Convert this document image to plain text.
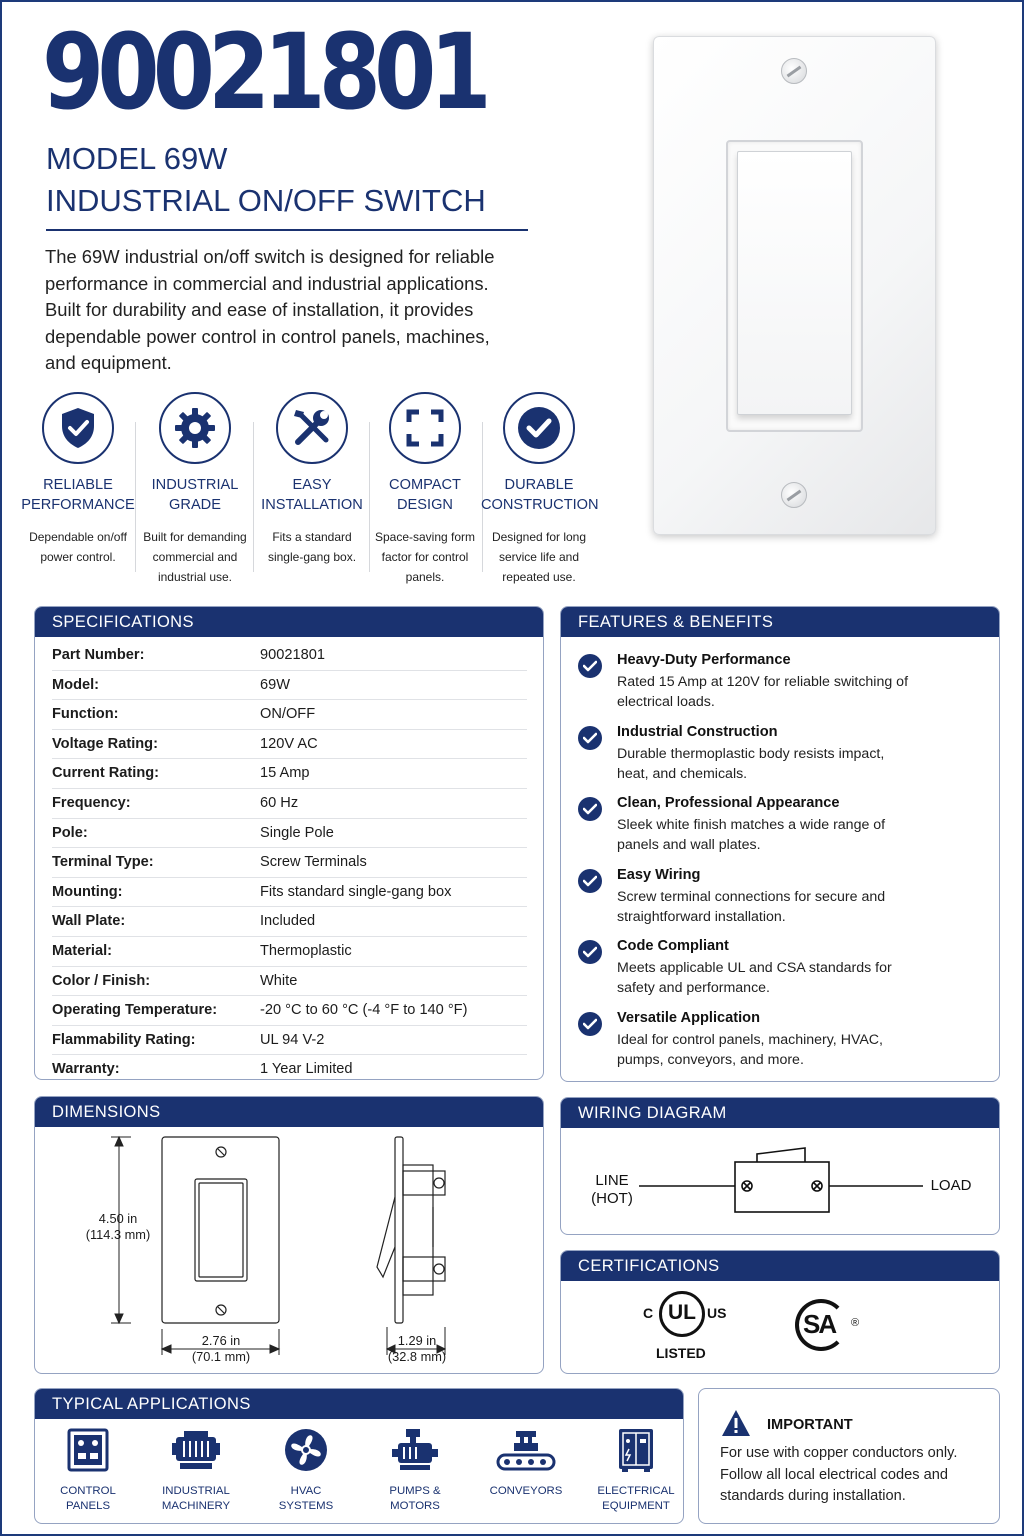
90021801
MODEL 69W
INDUSTRIAL ON/OFF SWITCH

The 69W industrial on/off switch is designed for reliable performance in commercial and industrial applications. Built for durability and ease of installation, it provides dependable power control in control panels, machines, and equipment.

RELIABLE PERFORMANCE
Dependable on/off power control.
INDUSTRIAL GRADE
Built for demanding commercial and industrial use.
EASY INSTALLATION
Fits a standard single-gang box.
COMPACT DESIGN
Space-saving form factor for control panels.
DURABLE CONSTRUCTION
Designed for long service life and repeated use.
SPECIFICATIONS
Part Number:	90021801
Model:	69W
Function:	ON/OFF
Voltage Rating:	120V AC
Current Rating:	15 Amp
Frequency:	60 Hz
Pole:	Single Pole
Terminal Type:	Screw Terminals
Mounting:	Fits standard single-gang box
Wall Plate:	Included
Material:	Thermoplastic
Color / Finish:	White
Operating Temperature:	-20 °C to 60 °C (-4 °F to 140 °F)
Flammability Rating:	UL 94 V-2
Warranty:	1 Year Limited
FEATURES & BENEFITS
Heavy-Duty Performance
Rated 15 Amp at 120V for reliable switching of electrical loads.
Industrial Construction
Durable thermoplastic body resists impact, heat, and chemicals.
Clean, Professional Appearance
Sleek white finish matches a wide range of panels and wall plates.
Easy Wiring
Screw terminal connections for secure and straightforward installation.
Code Compliant
Meets applicable UL and CSA standards for safety and performance.
Versatile Application
Ideal for control panels, machinery, HVAC, pumps, conveyors, and more.
DIMENSIONS
4.50 in
(114.3 mm)
2.76 in
(70.1 mm)
1.29 in
(32.8 mm)
WIRING DIAGRAM
LINE
(HOT)
LOAD
CERTIFICATIONS
UL
C	US
LISTED
SA ®
TYPICAL APPLICATIONS
CONTROL
PANELS
INDUSTRIAL
MACHINERY
HVAC
SYSTEMS
PUMPS &
MOTORS
CONVEYORS	ELECTFRICAL
EQUIPMENT
IMPORTANT
For use with copper conductors only. Follow all local electrical codes and standards during installation.
